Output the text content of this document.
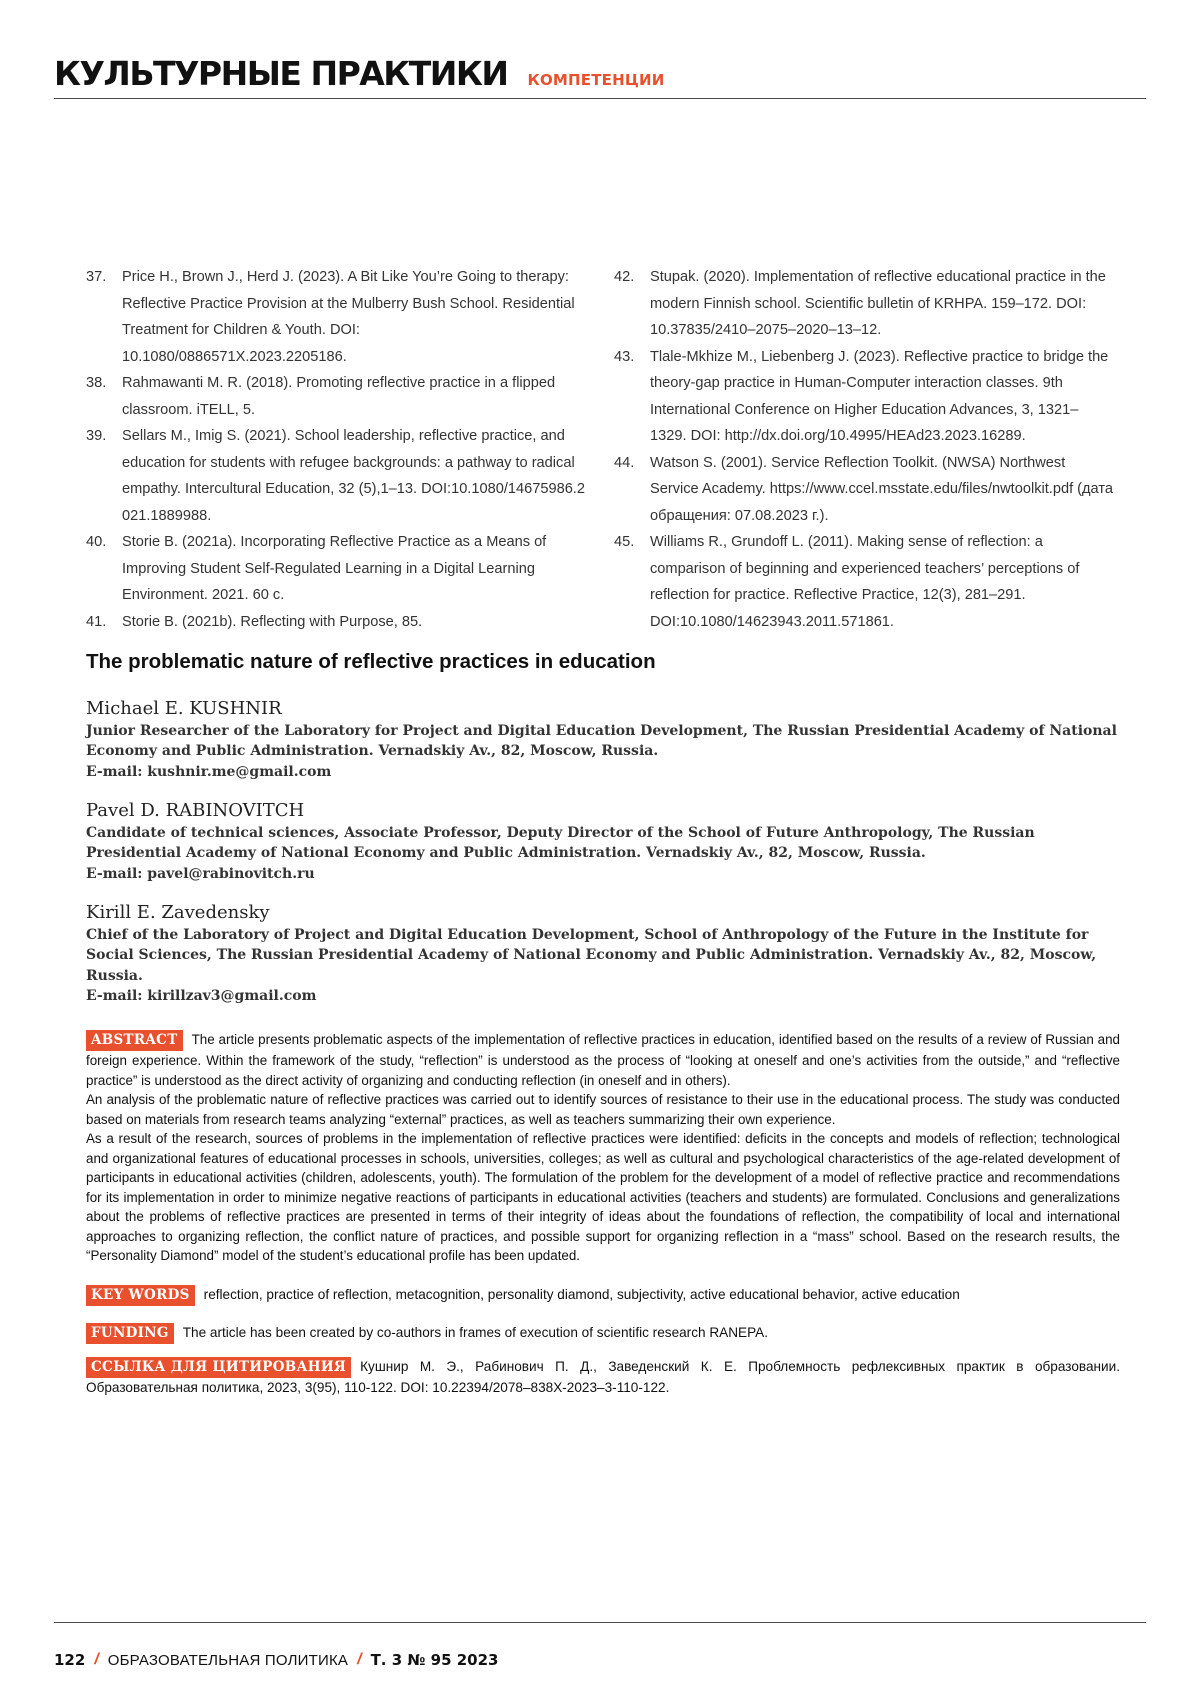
КУЛЬТУРНЫЕ ПРАКТИКИ КОМПЕТЕНЦИИ
37.	Price H., Brown J., Herd J. (2023). A Bit Like You’re Going to therapy: Reflective Practice Provision at the Mulberry Bush School. Residential Treatment for Children & Youth. DOI: 10.1080/0886571X.2023.2205186.
38.	Rahmawanti M. R. (2018). Promoting reflective practice in a flipped classroom. iTELL, 5.
39.	Sellars M., Imig S. (2021). School leadership, reflective practice, and education for students with refugee backgrounds: a pathway to radical empathy. Intercultural Education, 32 (5),1–13. DOI:10.1080/14675986.2 021.1889988.
40.	Storie B. (2021a). Incorporating Reflective Practice as a Means of Improving Student Self-Regulated Learning in a Digital Learning Environment. 2021. 60 с.
41.	Storie B. (2021b). Reflecting with Purpose, 85.
42.	Stupak. (2020). Implementation of reflective educational practice in the modern Finnish school. Scientific bulletin of KRHPA. 159–172. DOI: 10.37835/2410–2075–2020–13–12.
43.	Tlale-Mkhize M., Liebenberg J. (2023). Reflective practice to bridge the theory-gap practice in Human-Computer interaction classes. 9th International Conference on Higher Education Advances, 3, 1321–1329. DOI: http://dx.doi.org/10.4995/HEAd23.2023.16289.
44.	Watson S. (2001). Service Reflection Toolkit. (NWSA) Northwest Service Academy. https://www.ccel.msstate.edu/files/nwtoolkit.pdf (дата обращения: 07.08.2023 г.).
45.	Williams R., Grundoff L. (2011). Making sense of reflection: a comparison of beginning and experienced teachers’ perceptions of reflection for practice. Reflective Practice, 12(3), 281–291. DOI:10.1080/14623943.2011.571861.
The problematic nature of reflective practices in education
Michael E. KUSHNIR
Junior Researcher of the Laboratory for Project and Digital Education Development, The Russian Presidential Academy of National Economy and Public Administration. Vernadskiy Av., 82, Moscow, Russia.
E-mail: kushnir.me@gmail.com
Pavel D. RABINOVITCH
Candidate of technical sciences, Associate Professor, Deputy Director of the School of Future Anthropology, The Russian Presidential Academy of National Economy and Public Administration. Vernadskiy Av., 82, Moscow, Russia.
E-mail: pavel@rabinovitch.ru
Kirill E. Zavedensky
Chief of the Laboratory of Project and Digital Education Development, School of Anthropology of the Future in the Institute for Social Sciences, The Russian Presidential Academy of National Economy and Public Administration. Vernadskiy Av., 82, Moscow, Russia.
E-mail: kirillzav3@gmail.com

ABSTRACT The article presents problematic aspects of the implementation of reflective practices in education, identified based on the results of a review of Russian and foreign experience. Within the framework of the study, “reflection” is understood as the process of “looking at oneself and one’s activities from the outside,” and “reflective practice” is understood as the direct activity of organizing and conducting reflection (in oneself and in others).

An analysis of the problematic nature of reflective practices was carried out to identify sources of resistance to their use in the educational process. The study was conducted based on materials from research teams analyzing “external” practices, as well as teachers summarizing their own experience.

As a result of the research, sources of problems in the implementation of reflective practices were identified: deficits in the concepts and models of reflection; technological and organizational features of educational processes in schools, universities, colleges; as well as cultural and psychological characteristics of the age-related development of participants in educational activities (children, adolescents, youth). The formulation of the problem for the development of a model of reflective practice and recommendations for its implementation in order to minimize negative reactions of participants in educational activities (teachers and students) are formulated. Conclusions and generalizations about the problems of reflective practices are presented in terms of their integrity of ideas about the foundations of reflection, the compatibility of local and international approaches to organizing reflection, the conflict nature of practices, and possible support for organizing reflection in a “mass” school. Based on the research results, the “Personality Diamond” model of the student’s educational profile has been updated.

KEY WORDS reflection, practice of reflection, metacognition, personality diamond, subjectivity, active educational behavior, active education
FUNDING The article has been created by co-authors in frames of execution of scientific research RANEPA.
ССЫЛКА ДЛЯ ЦИТИРОВАНИЯ Кушнир М. Э., Рабинович П. Д., Заведенский К. Е. Проблемность рефлексивных практик в образовании. Образовательная политика, 2023, 3(95), 110-122. DOI: 10.22394/2078–838X-2023–3-110-122.
122 / ОБРАЗОВАТЕЛЬНАЯ ПОЛИТИКА / Т. 3 № 95 2023
